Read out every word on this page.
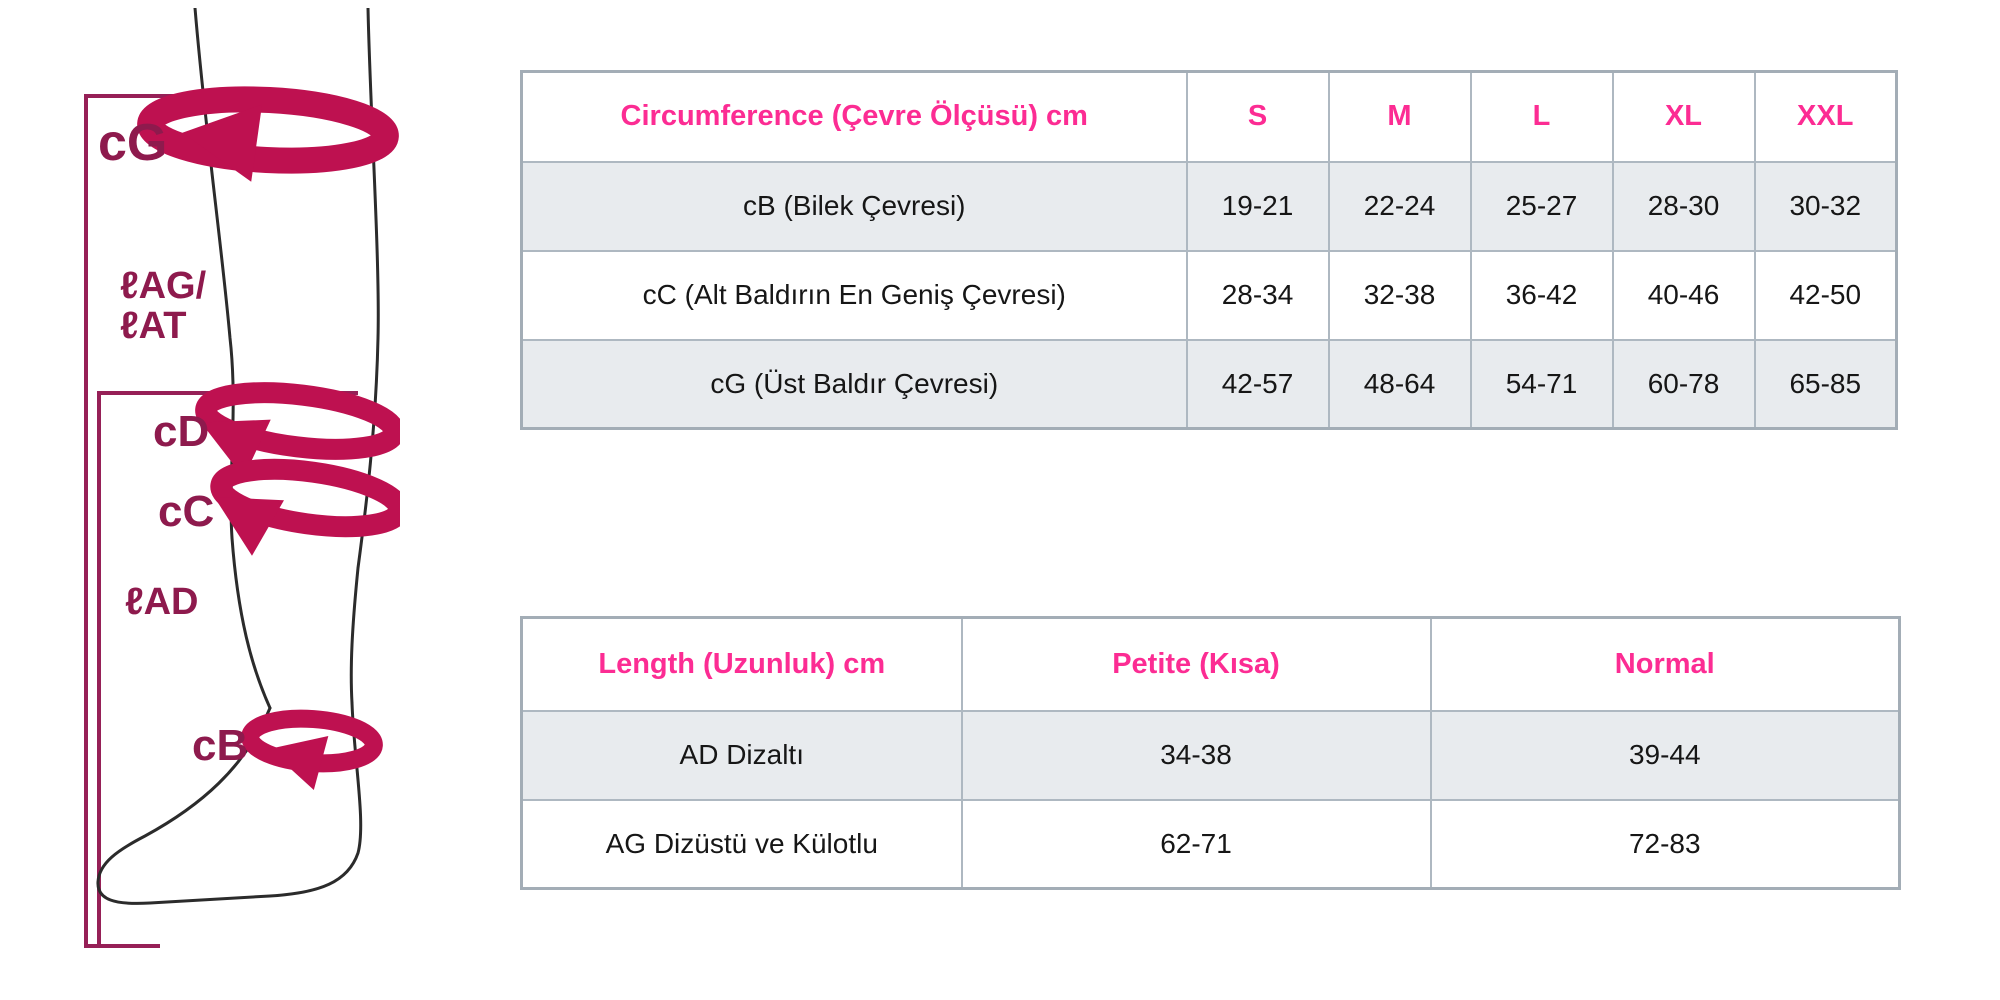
cG
ℓAG/
ℓAT
cD
cC
ℓAD
cB
Circumference (Çevre Ölçüsü) cm	S	M	L	XL	XXL
cB (Bilek Çevresi)	19-21	22-24	25-27	28-30	30-32
cC (Alt Baldırın En Geniş Çevresi)	28-34	32-38	36-42	40-46	42-50
cG (Üst Baldır Çevresi)	42-57	48-64	54-71	60-78	65-85
Length (Uzunluk) cm	Petite (Kısa)	Normal
AD Dizaltı	34-38	39-44
AG Dizüstü ve Külotlu	62-71	72-83
